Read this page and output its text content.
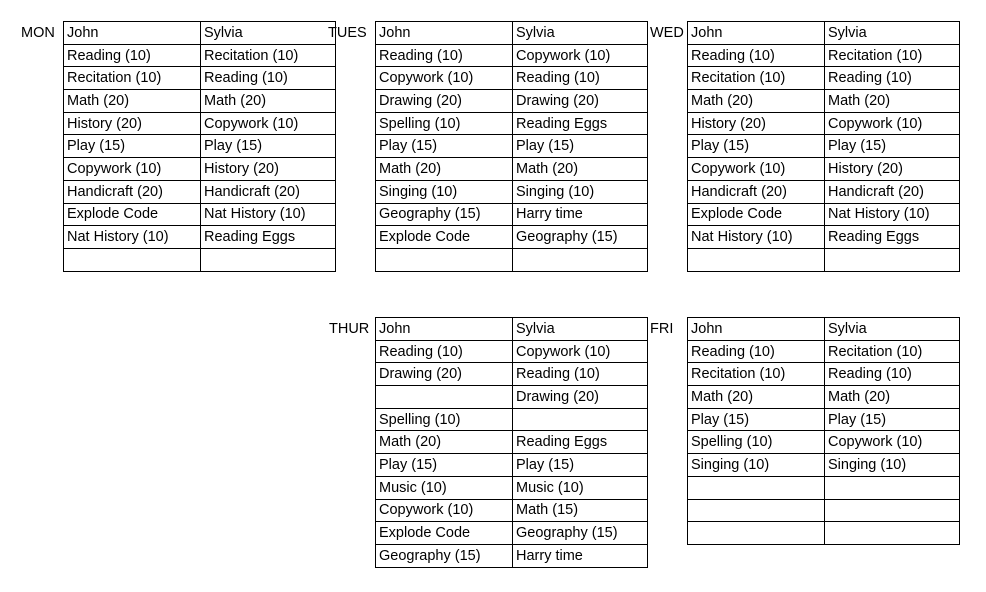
MON	TUES	WED
THUR	FRI
John	Sylvia
Reading (10)	Recitation (10)
Recitation (10)	Reading (10)
Math (20)	Math (20)
History (20)	Copywork (10)
Play (15)	Play (15)
Copywork (10)	History (20)
Handicraft (20)	Handicraft (20)
Explode Code	Nat History (10)
Nat History (10)	Reading Eggs

John	Sylvia
Reading (10)	Copywork (10)
Copywork (10)	Reading (10)
Drawing (20)	Drawing (20)
Spelling (10)	Reading Eggs
Play (15)	Play (15)
Math (20)	Math (20)
Singing (10)	Singing (10)
Geography (15)	Harry time
Explode Code	Geography (15)

John	Sylvia
Reading (10)	Recitation (10)
Recitation (10)	Reading (10)
Math (20)	Math (20)
History (20)	Copywork (10)
Play (15)	Play (15)
Copywork (10)	History (20)
Handicraft (20)	Handicraft (20)
Explode Code	Nat History (10)
Nat History (10)	Reading Eggs

John	Sylvia
Reading (10)	Copywork (10)
Drawing (20)	Reading (10)
	Drawing (20)
Spelling (10)	
Math (20)	Reading Eggs
Play (15)	Play (15)
Music (10)	Music (10)
Copywork (10)	Math (15)
Explode Code	Geography (15)
Geography (15)	Harry time
John	Sylvia
Reading (10)	Recitation (10)
Recitation (10)	Reading (10)
Math (20)	Math (20)
Play (15)	Play (15)
Spelling (10)	Copywork (10)
Singing (10)	Singing (10)
